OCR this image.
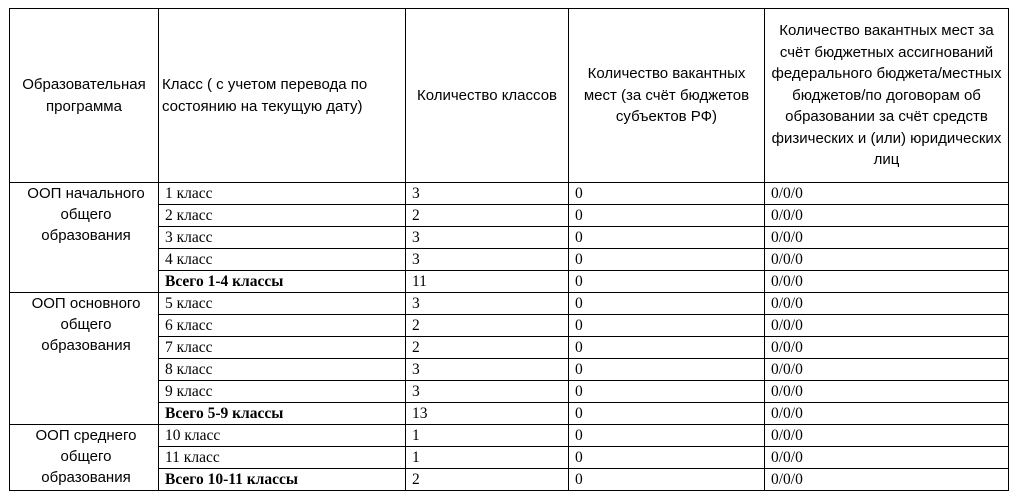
Образовательная программа	Класс ( с учетом перевода по состоянию на текущую дату)	Количество классов	Количество вакантных мест (за счёт бюджетов субъектов РФ)	Количество вакантных мест за счёт бюджетных ассигнований федерального бюджета/местных бюджетов/по договорам об образовании за счёт средств физических и (или) юридических лиц
ООП начального общего образования	1 класс	3	0	0/0/0
	2 класс	2	0	0/0/0
	3 класс	3	0	0/0/0
	4 класс	3	0	0/0/0
	Всего 1-4 классы	11	0	0/0/0
ООП основного общего образования	5 класс	3	0	0/0/0
	6 класс	2	0	0/0/0
	7 класс	2	0	0/0/0
	8 класс	3	0	0/0/0
	9 класс	3	0	0/0/0
	Всего 5-9 классы	13	0	0/0/0
ООП среднего общего образования	10 класс	1	0	0/0/0
	11 класс	1	0	0/0/0
	Всего 10-11 классы	2	0	0/0/0
